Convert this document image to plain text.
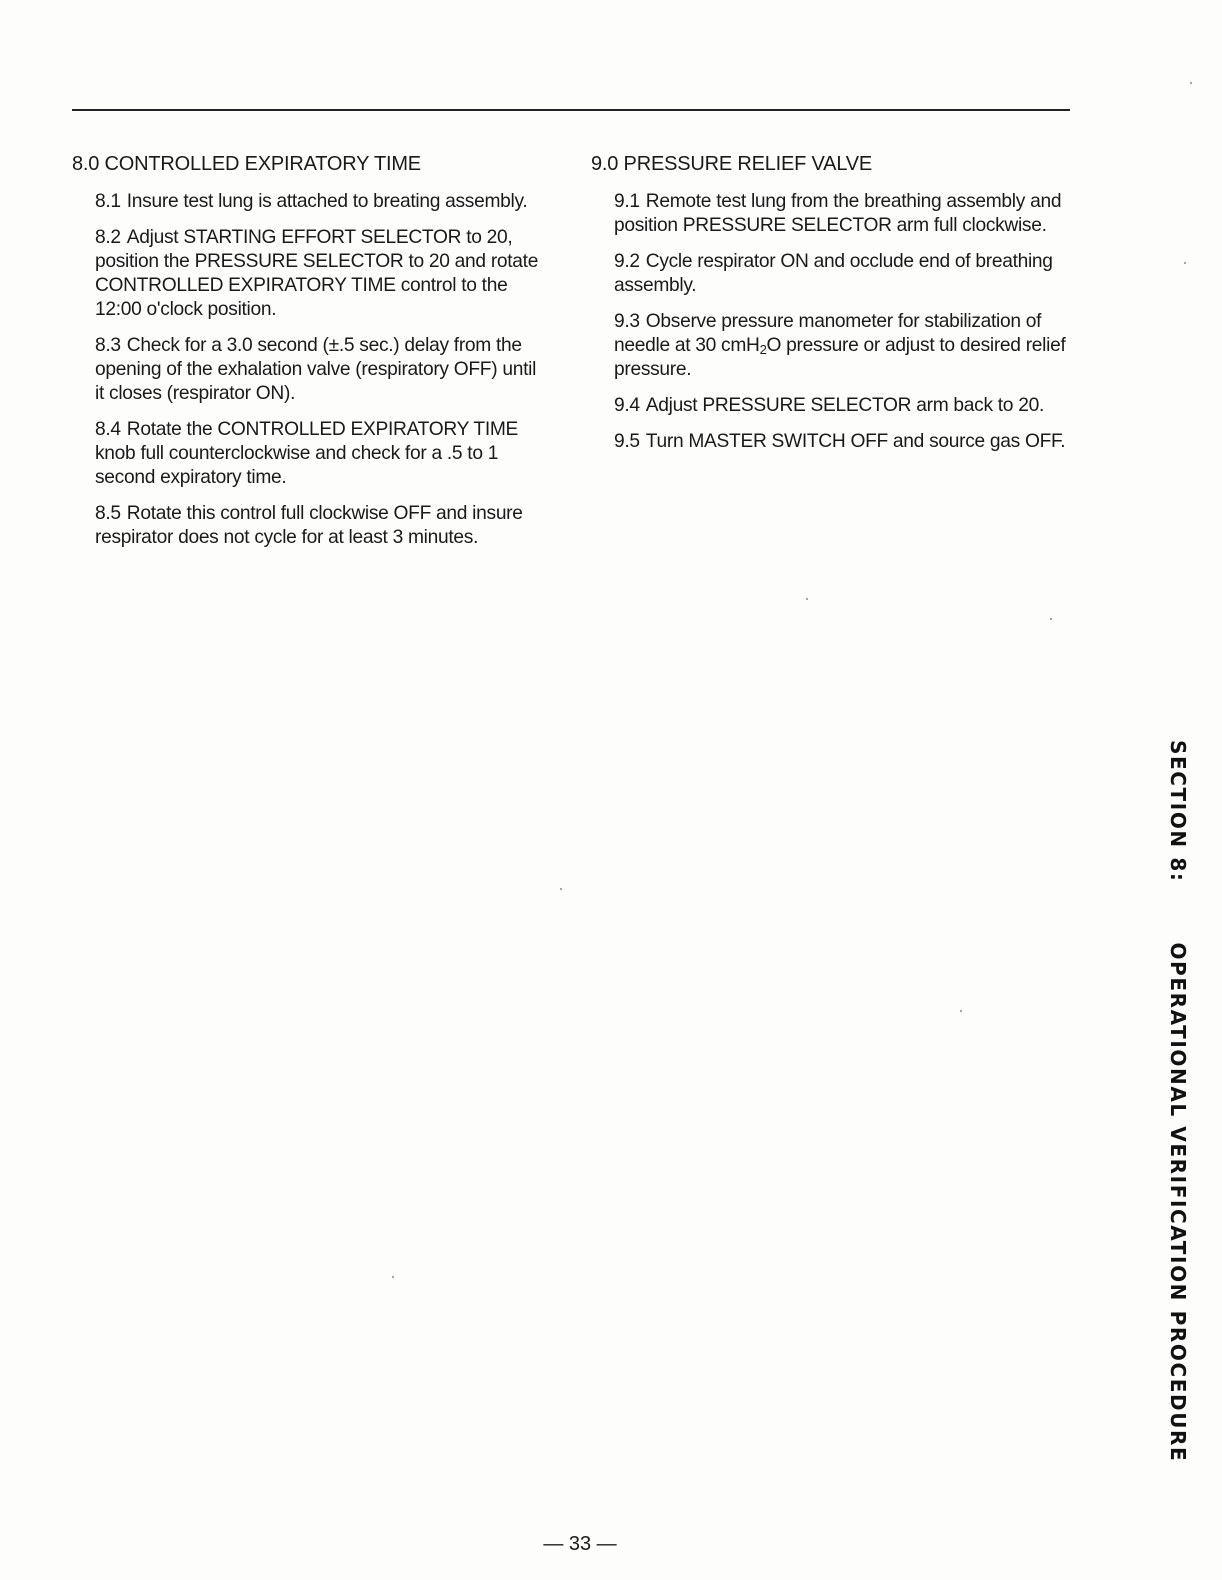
8.0 CONTROLLED EXPIRATORY TIME

8.1 Insure test lung is attached to breating assembly.

8.2 Adjust STARTING EFFORT SELECTOR to 20, position the PRESSURE SELECTOR to 20 and rotate CONTROLLED EXPIRATORY TIME control to the 12:00 o'clock position.

8.3 Check for a 3.0 second (±.5 sec.) delay from the opening of the exhalation valve (respiratory OFF) until it closes (respirator ON).

8.4 Rotate the CONTROLLED EXPIRATORY TIME knob full counterclockwise and check for a .5 to 1 second expiratory time.

8.5 Rotate this control full clockwise OFF and insure respirator does not cycle for at least 3 minutes.

9.0 PRESSURE RELIEF VALVE

9.1 Remote test lung from the breathing assembly and position PRESSURE SELECTOR arm full clockwise.

9.2 Cycle respirator ON and occlude end of breathing assembly.

9.3 Observe pressure manometer for stabilization of needle at 30 cmH$_2$O pressure or adjust to desired relief pressure.

9.4 Adjust PRESSURE SELECTOR arm back to 20.

9.5 Turn MASTER SWITCH OFF and source gas OFF.

SECTION 8:OPERATIONAL VERIFICATION PROCEDURE
— 33 —
